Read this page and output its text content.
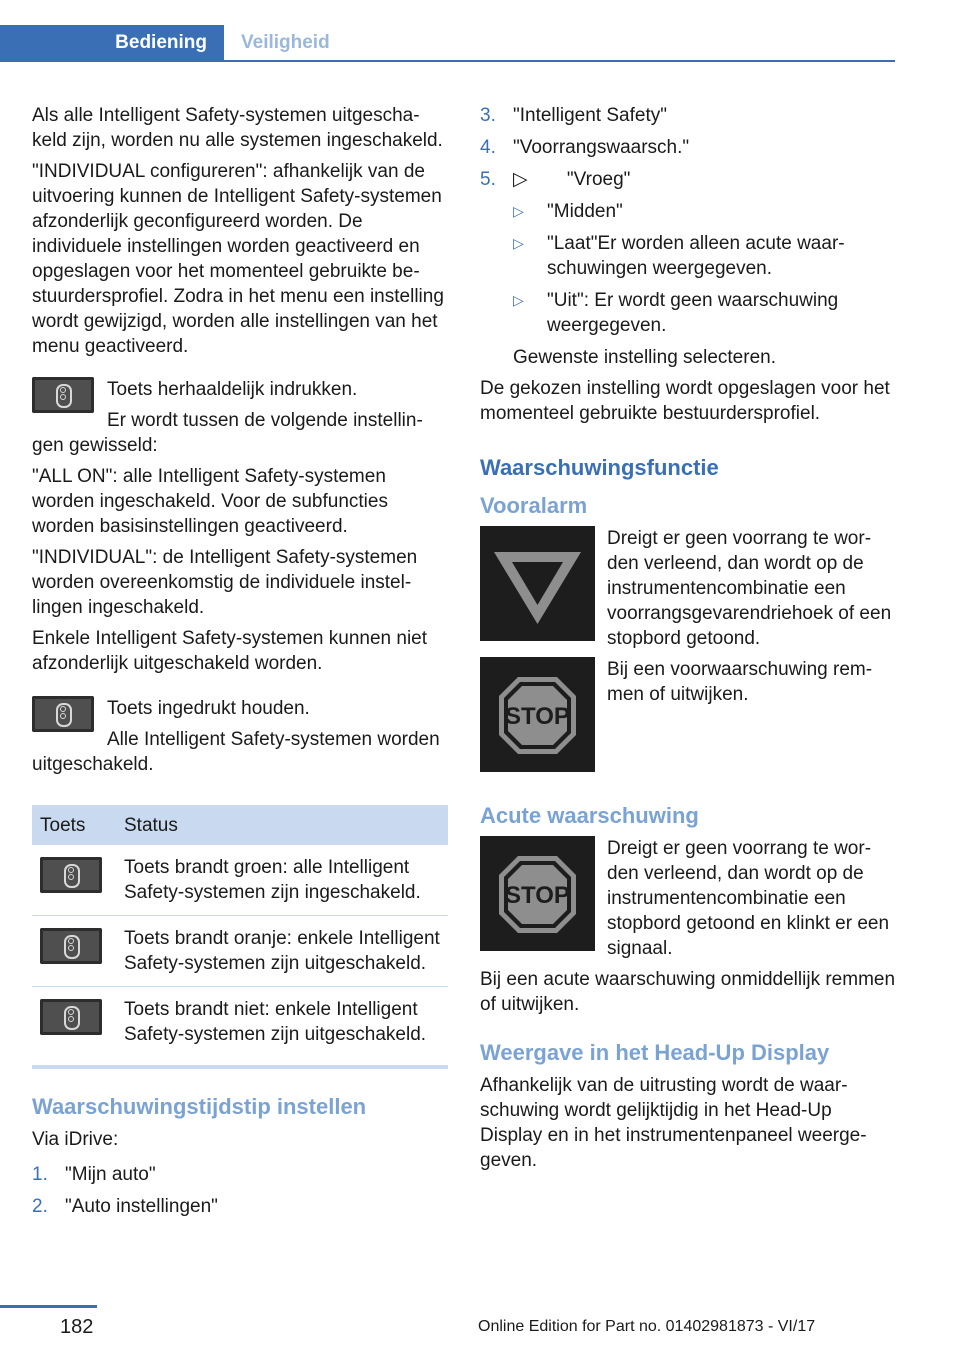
Bediening	Veiligheid

Als alle Intelligent Safety-systemen uitgeschakeld zijn, worden nu alle systemen ingeschakeld.

"INDIVIDUAL configureren": afhankelijk van de uitvoering kunnen de Intelligent Safety-systemen afzonderlijk geconfigureerd worden. De individuele instellingen worden geactiveerd en opgeslagen voor het momenteel gebruikte bestuurdersprofiel. Zodra in het menu een instelling wordt gewijzigd, worden alle instellingen van het menu geactiveerd.

Toets herhaaldelijk indrukken.

Er wordt tussen de volgende instellingen gewisseld:

"ALL ON": alle Intelligent Safety-systemen worden ingeschakeld. Voor de subfuncties worden basisinstellingen geactiveerd.

"INDIVIDUAL": de Intelligent Safety-systemen worden overeenkomstig de individuele instellingen ingeschakeld.

Enkele Intelligent Safety-systemen kunnen niet afzonderlijk uitgeschakeld worden.

Toets ingedrukt houden.

Alle Intelligent Safety-systemen worden uitgeschakeld.

Toets	Status

	Toets brandt groen: alle Intelligent Safety-systemen zijn ingeschakeld.

	Toets brandt oranje: enkele Intelligent Safety-systemen zijn uitgeschakeld.

	Toets brandt niet: enkele Intelligent Safety-systemen zijn uitgeschakeld.
Waarschuwingstijdstip instellen

Via iDrive:

1. "Mijn auto"
2. "Auto instellingen"
3. "Intelligent Safety"
4. "Voorrangswaarsch."
5. ▷ "Vroeg"
▷ "Midden"
▷ "Laat"Er worden alleen acute waarschuwingen weergegeven.
▷ "Uit": Er wordt geen waarschuwing weergegeven.

Gewenste instelling selecteren.

De gekozen instelling wordt opgeslagen voor het momenteel gebruikte bestuurdersprofiel.

Waarschuwingsfunctie
Vooralarm

Dreigt er geen voorrang te worden verleend, dan wordt op de instrumentencombinatie een voorrangsgevarendriehoek of een stopbord getoond.

STOP

Bij een voorwaarschuwing remmen of uitwijken.

Acute waarschuwing
STOP

Dreigt er geen voorrang te worden verleend, dan wordt op de instrumentencombinatie een stopbord getoond en klinkt er een signaal.

Bij een acute waarschuwing onmiddellijk remmen of uitwijken.

Weergave in het Head-Up Display

Afhankelijk van de uitrusting wordt de waarschuwing wordt gelijktijdig in het Head-Up Display en in het instrumentenpaneel weergegeven.

182	Online Edition for Part no. 01402981873 - VI/17
